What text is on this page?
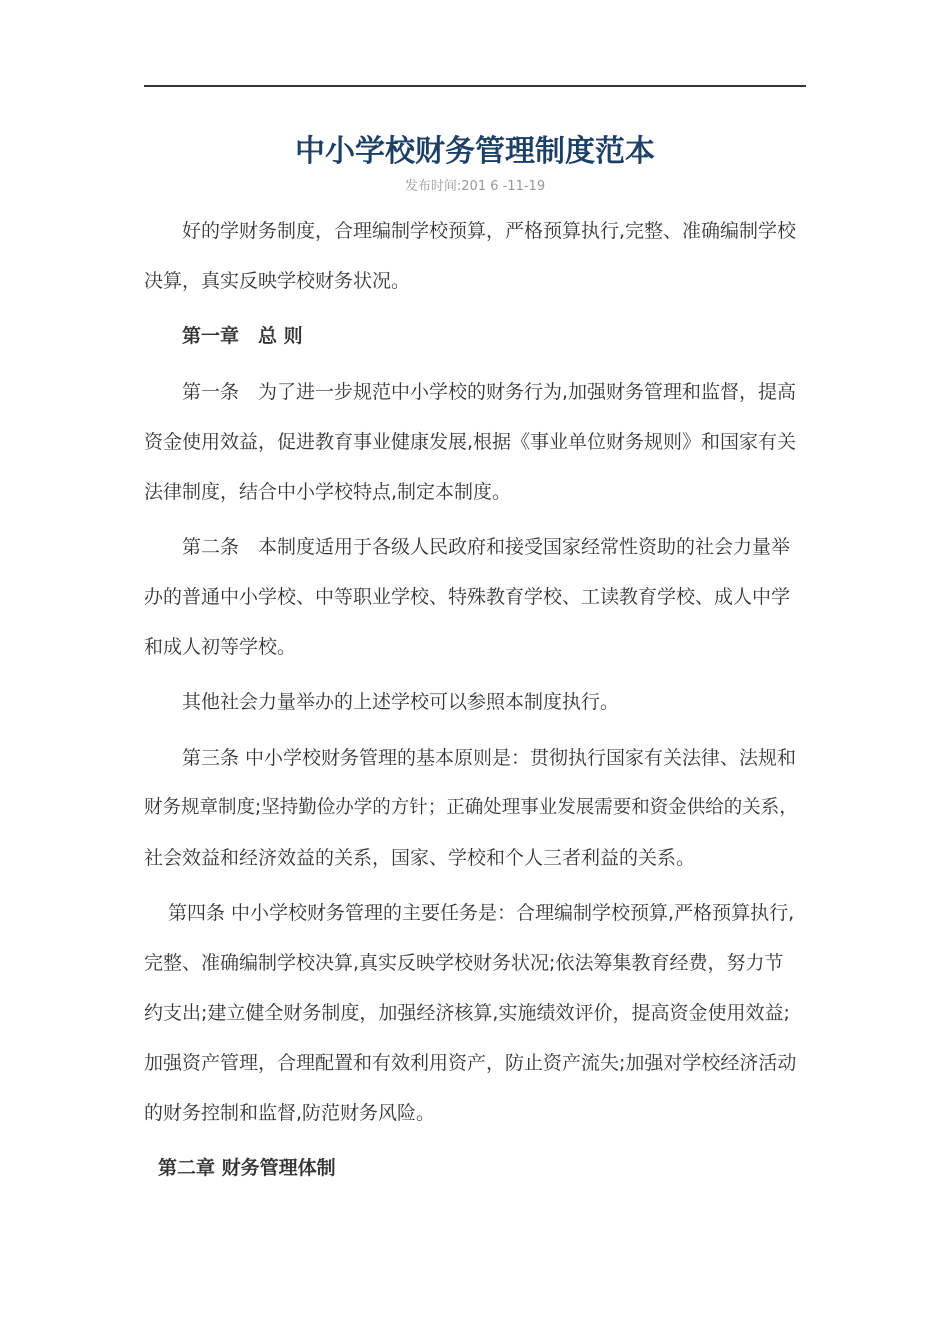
中小学校财务管理制度范本
发布时间:201 6 -11-19
好的学财务制度，合理编制学校预算，严格预算执行,完整、准确编制学校
决算，真实反映学校财务状况。
第一章　总 则
第一条　为了进一步规范中小学校的财务行为,加强财务管理和监督，提高
资金使用效益，促进教育事业健康发展,根据《事业单位财务规则》和国家有关
法律制度，结合中小学校特点,制定本制度。
第二条　本制度适用于各级人民政府和接受国家经常性资助的社会力量举
办的普通中小学校、中等职业学校、特殊教育学校、工读教育学校、成人中学
和成人初等学校。
其他社会力量举办的上述学校可以参照本制度执行。
第三条 中小学校财务管理的基本原则是：贯彻执行国家有关法律、法规和
财务规章制度;坚持勤俭办学的方针；正确处理事业发展需要和资金供给的关系，
社会效益和经济效益的关系，国家、学校和个人三者利益的关系。
第四条 中小学校财务管理的主要任务是：合理编制学校预算,严格预算执行,
完整、准确编制学校决算,真实反映学校财务状况;依法筹集教育经费，努力节
约支出;建立健全财务制度，加强经济核算,实施绩效评价，提高资金使用效益;
加强资产管理，合理配置和有效利用资产，防止资产流失;加强对学校经济活动
的财务控制和监督,防范财务风险。
第二章 财务管理体制
